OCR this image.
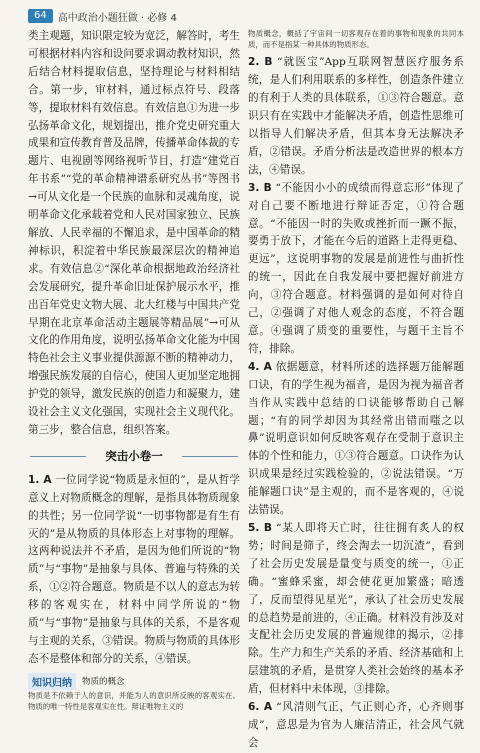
64	高中政治小题狂做 · 必修 4

类主观题，知识限定较为宽泛，解答时，考生可根据材料内容和设问要求调动教材知识，然后结合材料提取信息，坚持理论与材料相结合。第一步，审材料，通过标点符号、段落等，提取材料有效信息。有效信息①为进一步弘扬革命文化，规划提出，推介党史研究重大成果和宣传教育普及品牌，传播革命体裁的专题片、电视剧等网络视听节目，打造“建党百年书系”“党的革命精神谱系研究丛书”等图书→可从文化是一个民族的血脉和灵魂角度，说明革命文化承载着党和人民对国家独立、民族解放、人民幸福的不懈追求，是中国革命的精神标识，积淀着中华民族最深层次的精神追求。有效信息②“深化革命根据地政治经济社会发展研究，提升革命旧址保护展示水平，推出百年党史文物大展、北大红楼与中国共产党早期在北京革命活动主题展等精品展”→可从文化的作用角度，说明弘扬革命文化能为中国特色社会主义事业提供源源不断的精神动力，增强民族发展的自信心，使国人更加坚定地拥护党的领导，激发民族的创造力和凝聚力，建设社会主义文化强国，实现社会主义现代化。第三步，整合信息，组织答案。

突击小卷一

1. A 一位同学说“物质是永恒的”，是从哲学意义上对物质概念的理解，是指具体物质现象的共性；另一位同学说“一切事物都是有生有灭的”是从物质的具体形态上对事物的理解。这两种说法并不矛盾，是因为他们所说的“物质”与“事物”是抽象与具体、普遍与特殊的关系，①②符合题意。物质是不以人的意志为转移的客观实在，材料中同学所说的“物质”与“事物”是抽象与具体的关系，不是客观与主观的关系，③错误。物质与物质的具体形态不是整体和部分的关系，④错误。

知识归纳	物质的概念

物质是不依赖于人的意识，并能为人的意识所反映的客观实在。物质的唯一特性是客观实在性。辩证唯物主义的

物质概念，概括了宇宙间一切客观存在着的事物和现象的共同本质，而不是指某一种具体的物质形态。

2. B “就医宝”App互联网智慧医疗服务系统，是人们利用联系的多样性，创造条件建立的有利于人类的具体联系，①③符合题意。意识只有在实践中才能解决矛盾，创造性思维可以指导人们解决矛盾，但其本身无法解决矛盾，②错误。矛盾分析法是改造世界的根本方法，④错误。

3. B “不能因小小的成绩而得意忘形”体现了对自己要不断地进行辩证否定，①符合题意。“不能因一时的失败或挫折而一蹶不振，要勇于放下，才能在今后的道路上走得更稳、更远”，这说明事物的发展是前进性与曲折性的统一，因此在自我发展中要把握好前进方向，③符合题意。材料强调的是如何对待自己，②强调了对他人观念的态度，不符合题意。④强调了质变的重要性，与题干主旨不符，排除。

4. A 依据题意，材料所述的选择题万能解题口诀，有的学生视为福音，是因为视为福音者当作从实践中总结的口诀能够帮助自己解题；“有的同学却因为其经常出错而嗤之以鼻”说明意识如何反映客观存在受制于意识主体的个性和能力，①③符合题意。口诀作为认识成果是经过实践检验的，②说法错误。“万能解题口诀”是主观的，而不是客观的，④说法错误。

5. B “某人即将天亡时，往往拥有炙人的权势；时间是筛子，终会淘去一切沉渣”，看到了社会历史发展是量变与质变的统一，①正确。“蜜蜂采蜜，却会使花更加繁盛；暗透了，反而望得见星光”，承认了社会历史发展的总趋势是前进的，④正确。材料没有涉及对支配社会历史发展的普遍规律的揭示，②排除。生产力和生产关系的矛盾、经济基础和上层建筑的矛盾，是贯穿人类社会始终的基本矛盾，但材料中未体现，③排除。

6. A “风清则气正，气正则心齐，心齐则事成”，意思是为官为人廉洁清正，社会风气就会
